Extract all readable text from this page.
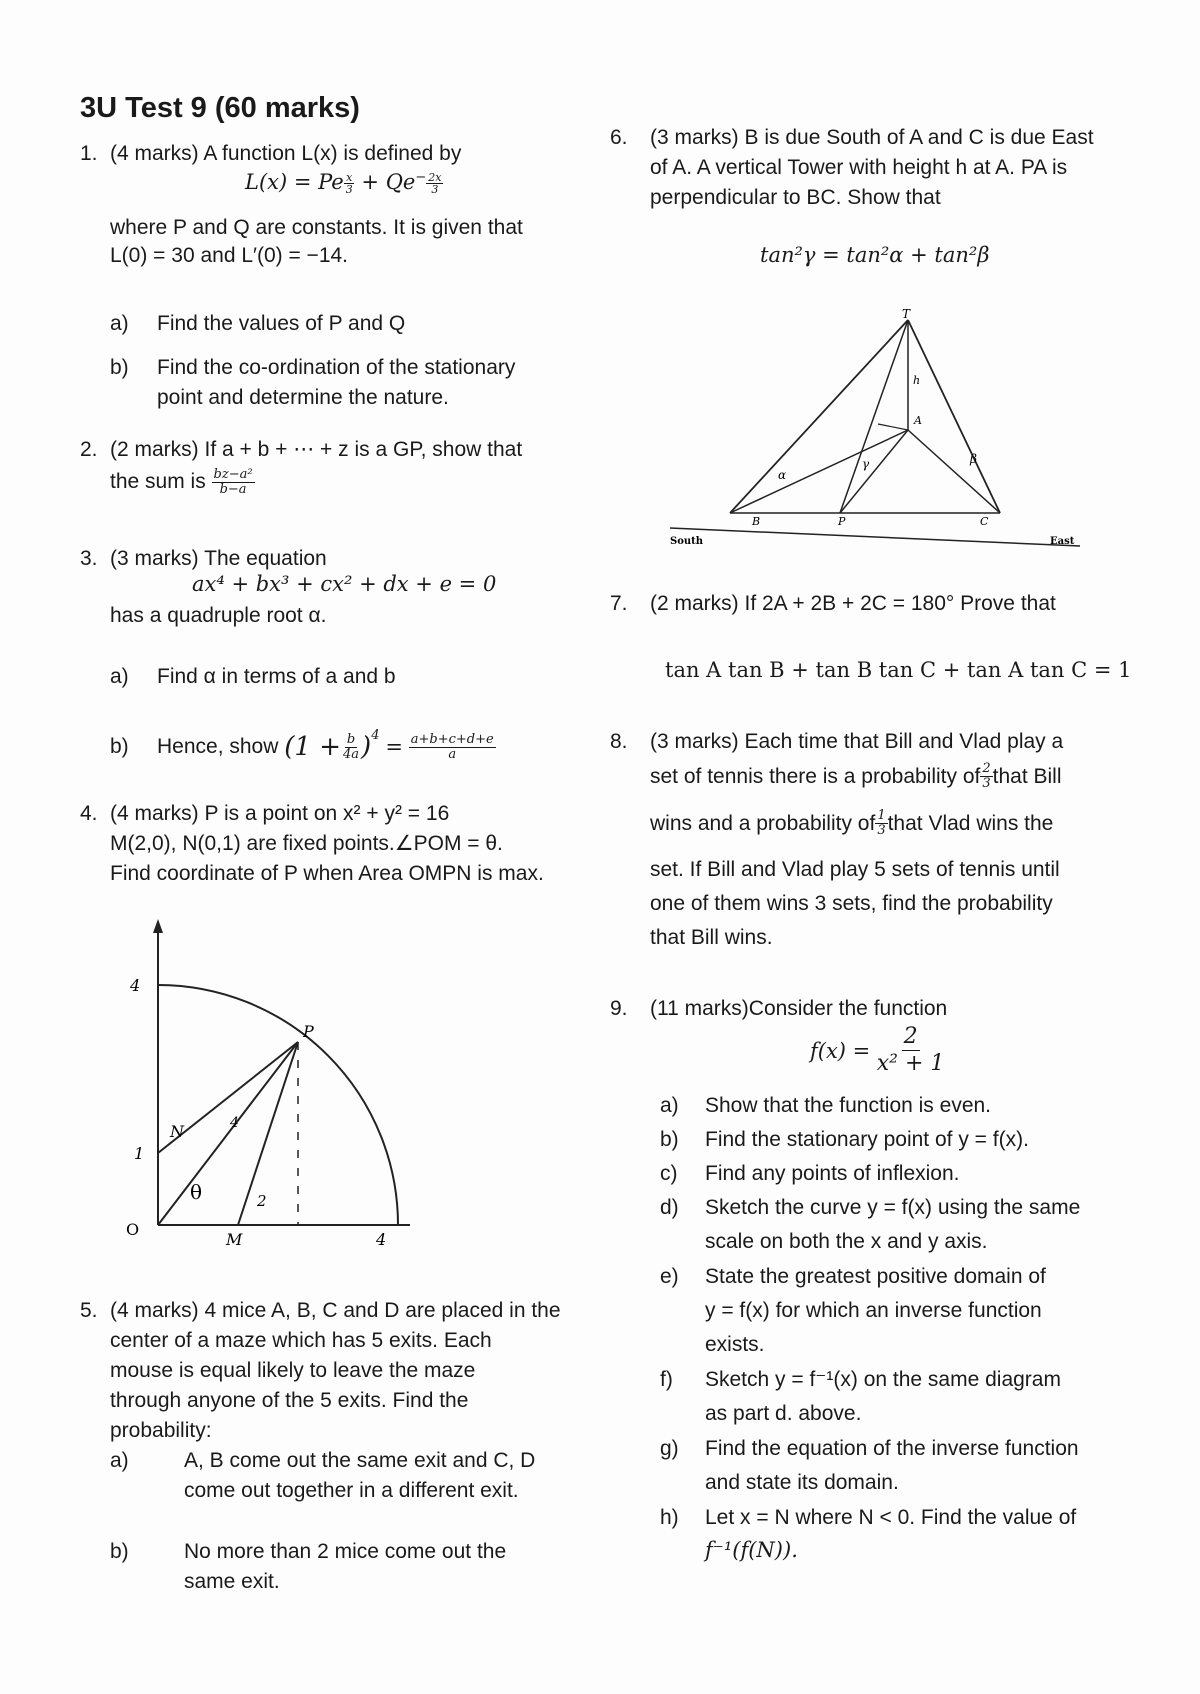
3U Test 9 (60 marks)
1. (4 marks) A function L(x) is defined by
L(x) = Pe $\frac{x}{3} + Qe^- \frac{2x}{3}$
where P and Q are constants. It is given that
L(0) = 30 and L′(0) = −14.
a) Find the values of P and Q
b) Find the co-ordination of the stationary
point and determine the nature.
2. (2 marks) If a + b + ⋯ + z is a GP, show that
the sum is $\frac{\text{bz−a²}}{b-a}$
3. (3 marks) The equation
ax⁴ + bx³ + cx² + dx + e = 0
has a quadruple root α.
a) Find α in terms of a and b
b) Hence, show
$(1 + \frac{b}{4a} )^4$
=
$\frac{a+b+c+d+e}{a}$
4. (4 marks) P is a point on x² + y² = 16
M(2,0), N(0,1) are fixed points.∠POM = θ.
Find coordinate of P when Area OMPN is max.
4
1
O
M	4
P
N
θ	2
4
5. (4 marks) 4 mice A, B, C and D are placed in the
center of a maze which has 5 exits. Each
mouse is equal likely to leave the maze
through anyone of the 5 exits. Find the
probability:
a)	A, B come out the same exit and C, D
come out together in a different exit.
b)	No more than 2 mice come out the
same exit.
6. (3 marks) B is due South of A and C is due East
of A. A vertical Tower with height h at A. PA is
perpendicular to BC. Show that
tan²γ = tan²α + tan²β
T
h
A
B	P	C
South	East
α
γ	β
7. (2 marks) If 2A + 2B + 2C = 180° Prove that
tan A tan B + tan B tan C + tan A tan C = 1
8. (3 marks) Each time that Bill and Vlad play a
set of tennis there is a probability of $\frac{2}{3}$ that Bill
wins and a probability of $\frac{1}{3}$ that Vlad wins the
set. If Bill and Vlad play 5 sets of tennis until
one of them wins 3 sets, find the probability
that Bill wins.
9. (11 marks)Consider the function
f(x) =
$\frac{2}{\text{x² + 1}}$
a) Show that the function is even.
b) Find the stationary point of y = f(x).
c) Find any points of inflexion.
d) Sketch the curve y = f(x) using the same
scale on both the x and y axis.
e) State the greatest positive domain of
y = f(x) for which an inverse function
exists.
f) Sketch y = f⁻¹(x) on the same diagram
as part d. above.
g) Find the equation of the inverse function
and state its domain.
h) Let x = N where N < 0. Find the value of
f⁻¹(f(N)).
